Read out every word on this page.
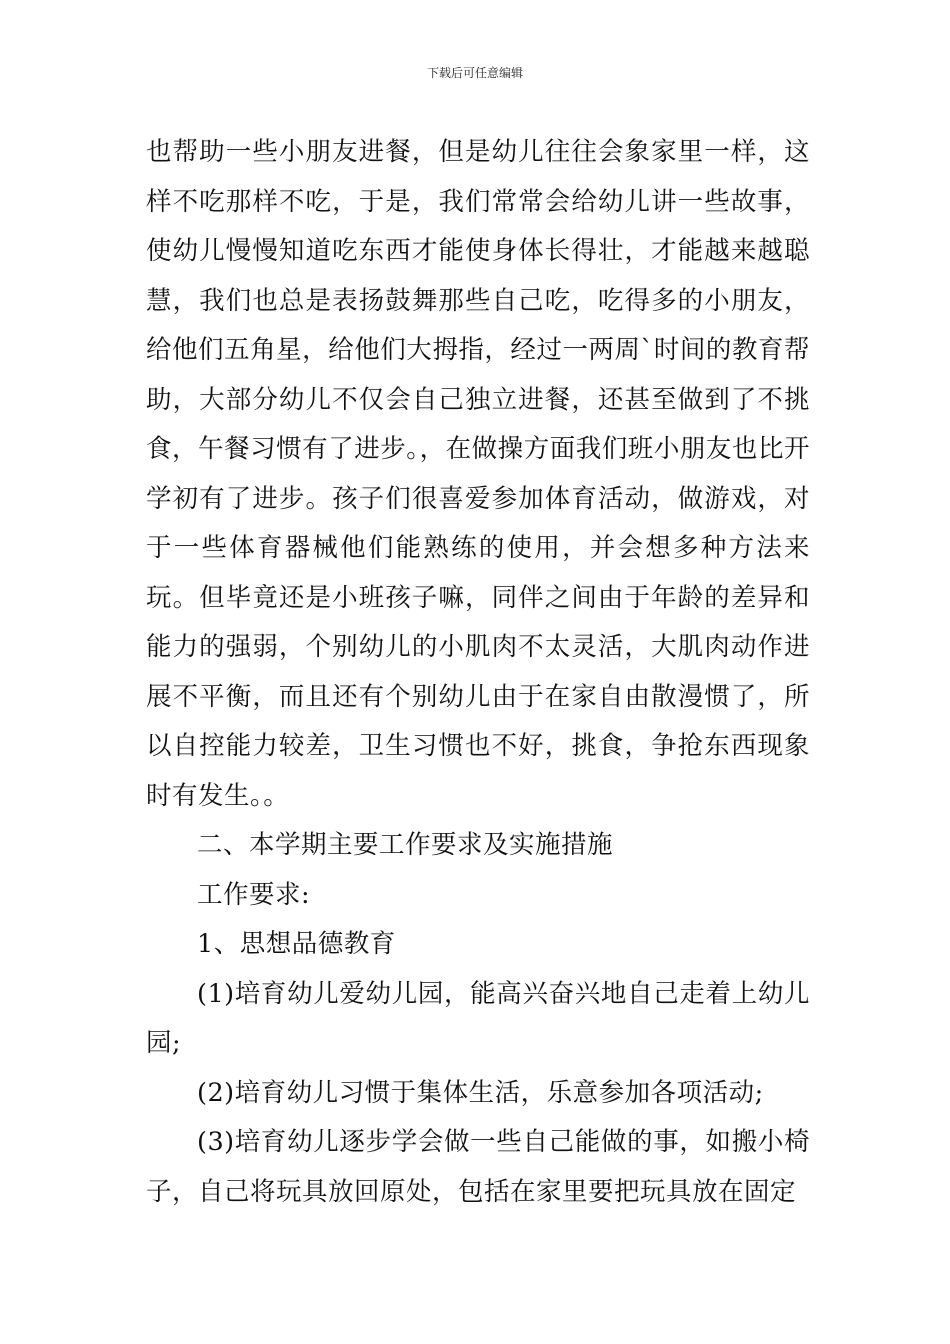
下载后可任意编辑

也帮助一些小朋友进餐，但是幼儿往往会象家里一样，这样不吃那样不吃，于是，我们常常会给幼儿讲一些故事，使幼儿慢慢知道吃东西才能使身体长得壮，才能越来越聪慧，我们也总是表扬鼓舞那些自己吃，吃得多的小朋友，给他们五角星，给他们大拇指，经过一两周`时间的教育帮助，大部分幼儿不仅会自己独立进餐，还甚至做到了不挑食，午餐习惯有了进步。，在做操方面我们班小朋友也比开学初有了进步。孩子们很喜爱参加体育活动，做游戏，对于一些体育器械他们能熟练的使用，并会想多种方法来玩。但毕竟还是小班孩子嘛，同伴之间由于年龄的差异和能力的强弱，个别幼儿的小肌肉不太灵活，大肌肉动作进展不平衡，而且还有个别幼儿由于在家自由散漫惯了，所以自控能力较差，卫生习惯也不好，挑食，争抢东西现象时有发生。。

二、本学期主要工作要求及实施措施

工作要求:

1、思想品德教育

(1)培育幼儿爱幼儿园，能高兴奋兴地自己走着上幼儿园;

(2)培育幼儿习惯于集体生活，乐意参加各项活动;

(3)培育幼儿逐步学会做一些自己能做的事，如搬小椅子，自己将玩具放回原处，包括在家里要把玩具放在固定
